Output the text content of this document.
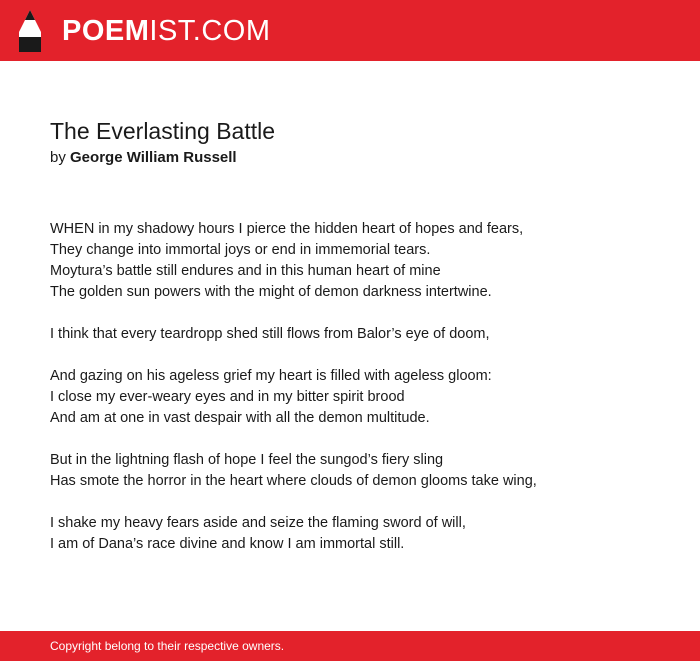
POEMIST.COM
The Everlasting Battle
by George William Russell
WHEN in my shadowy hours I pierce the hidden heart of hopes and fears,
They change into immortal joys or end in immemorial tears.
Moytura’s battle still endures and in this human heart of mine
The golden sun powers with the might of demon darkness intertwine.
I think that every teardropp shed still flows from Balor’s eye of doom,
And gazing on his ageless grief my heart is filled with ageless gloom:
I close my ever-weary eyes and in my bitter spirit brood
And am at one in vast despair with all the demon multitude.
But in the lightning flash of hope I feel the sungod’s fiery sling
Has smote the horror in the heart where clouds of demon glooms take wing,
I shake my heavy fears aside and seize the flaming sword of will,
I am of Dana’s race divine and know I am immortal still.
Copyright belong to their respective owners.
